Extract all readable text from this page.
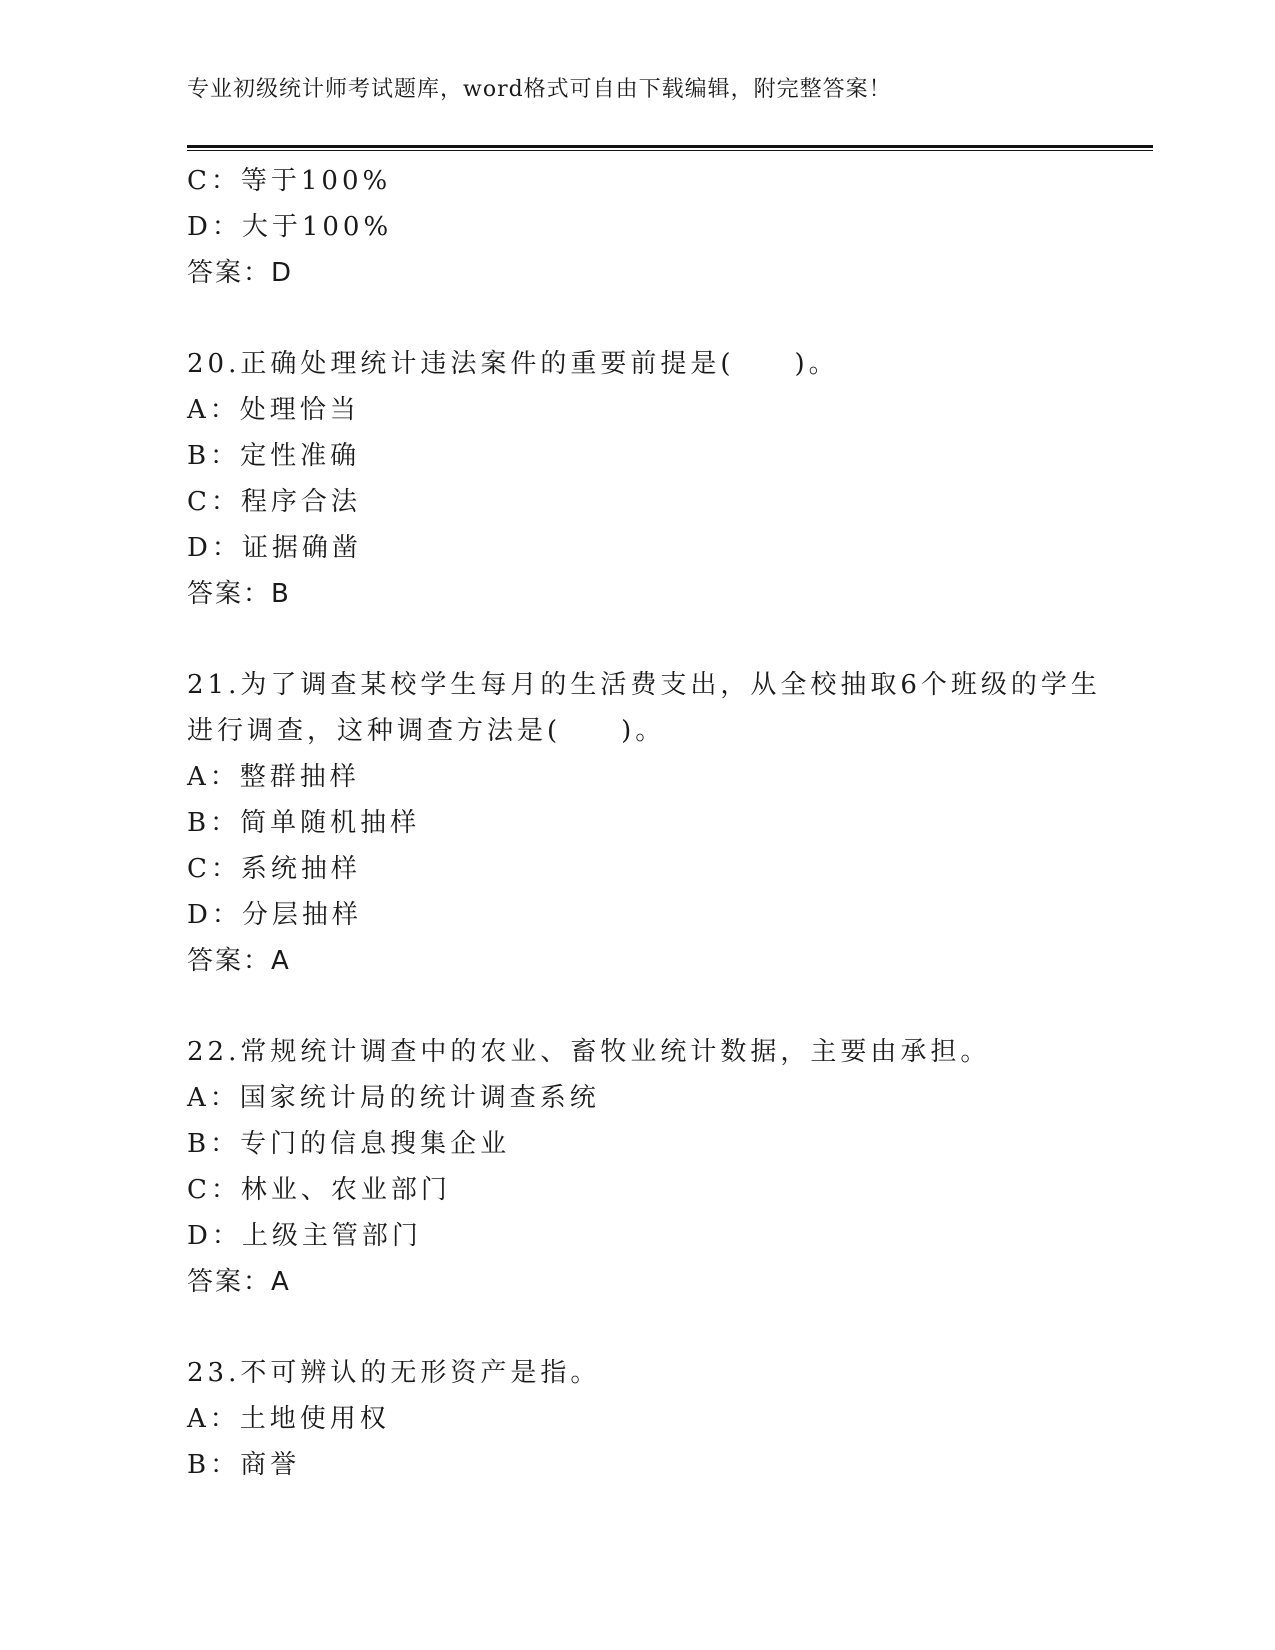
专业初级统计师考试题库，word格式可自由下载编辑，附完整答案！
C：等于100%
D：大于100%
答案：D
20.正确处理统计违法案件的重要前提是(　　)。
A：处理恰当
B：定性准确
C：程序合法
D：证据确凿
答案：B
21.为了调查某校学生每月的生活费支出，从全校抽取6个班级的学生
进行调查，这种调查方法是(　　)。
A：整群抽样
B：简单随机抽样
C：系统抽样
D：分层抽样
答案：A
22.常规统计调查中的农业、畜牧业统计数据，主要由承担。
A：国家统计局的统计调查系统
B：专门的信息搜集企业
C：林业、农业部门
D：上级主管部门
答案：A
23.不可辨认的无形资产是指。
A：土地使用权
B：商誉
